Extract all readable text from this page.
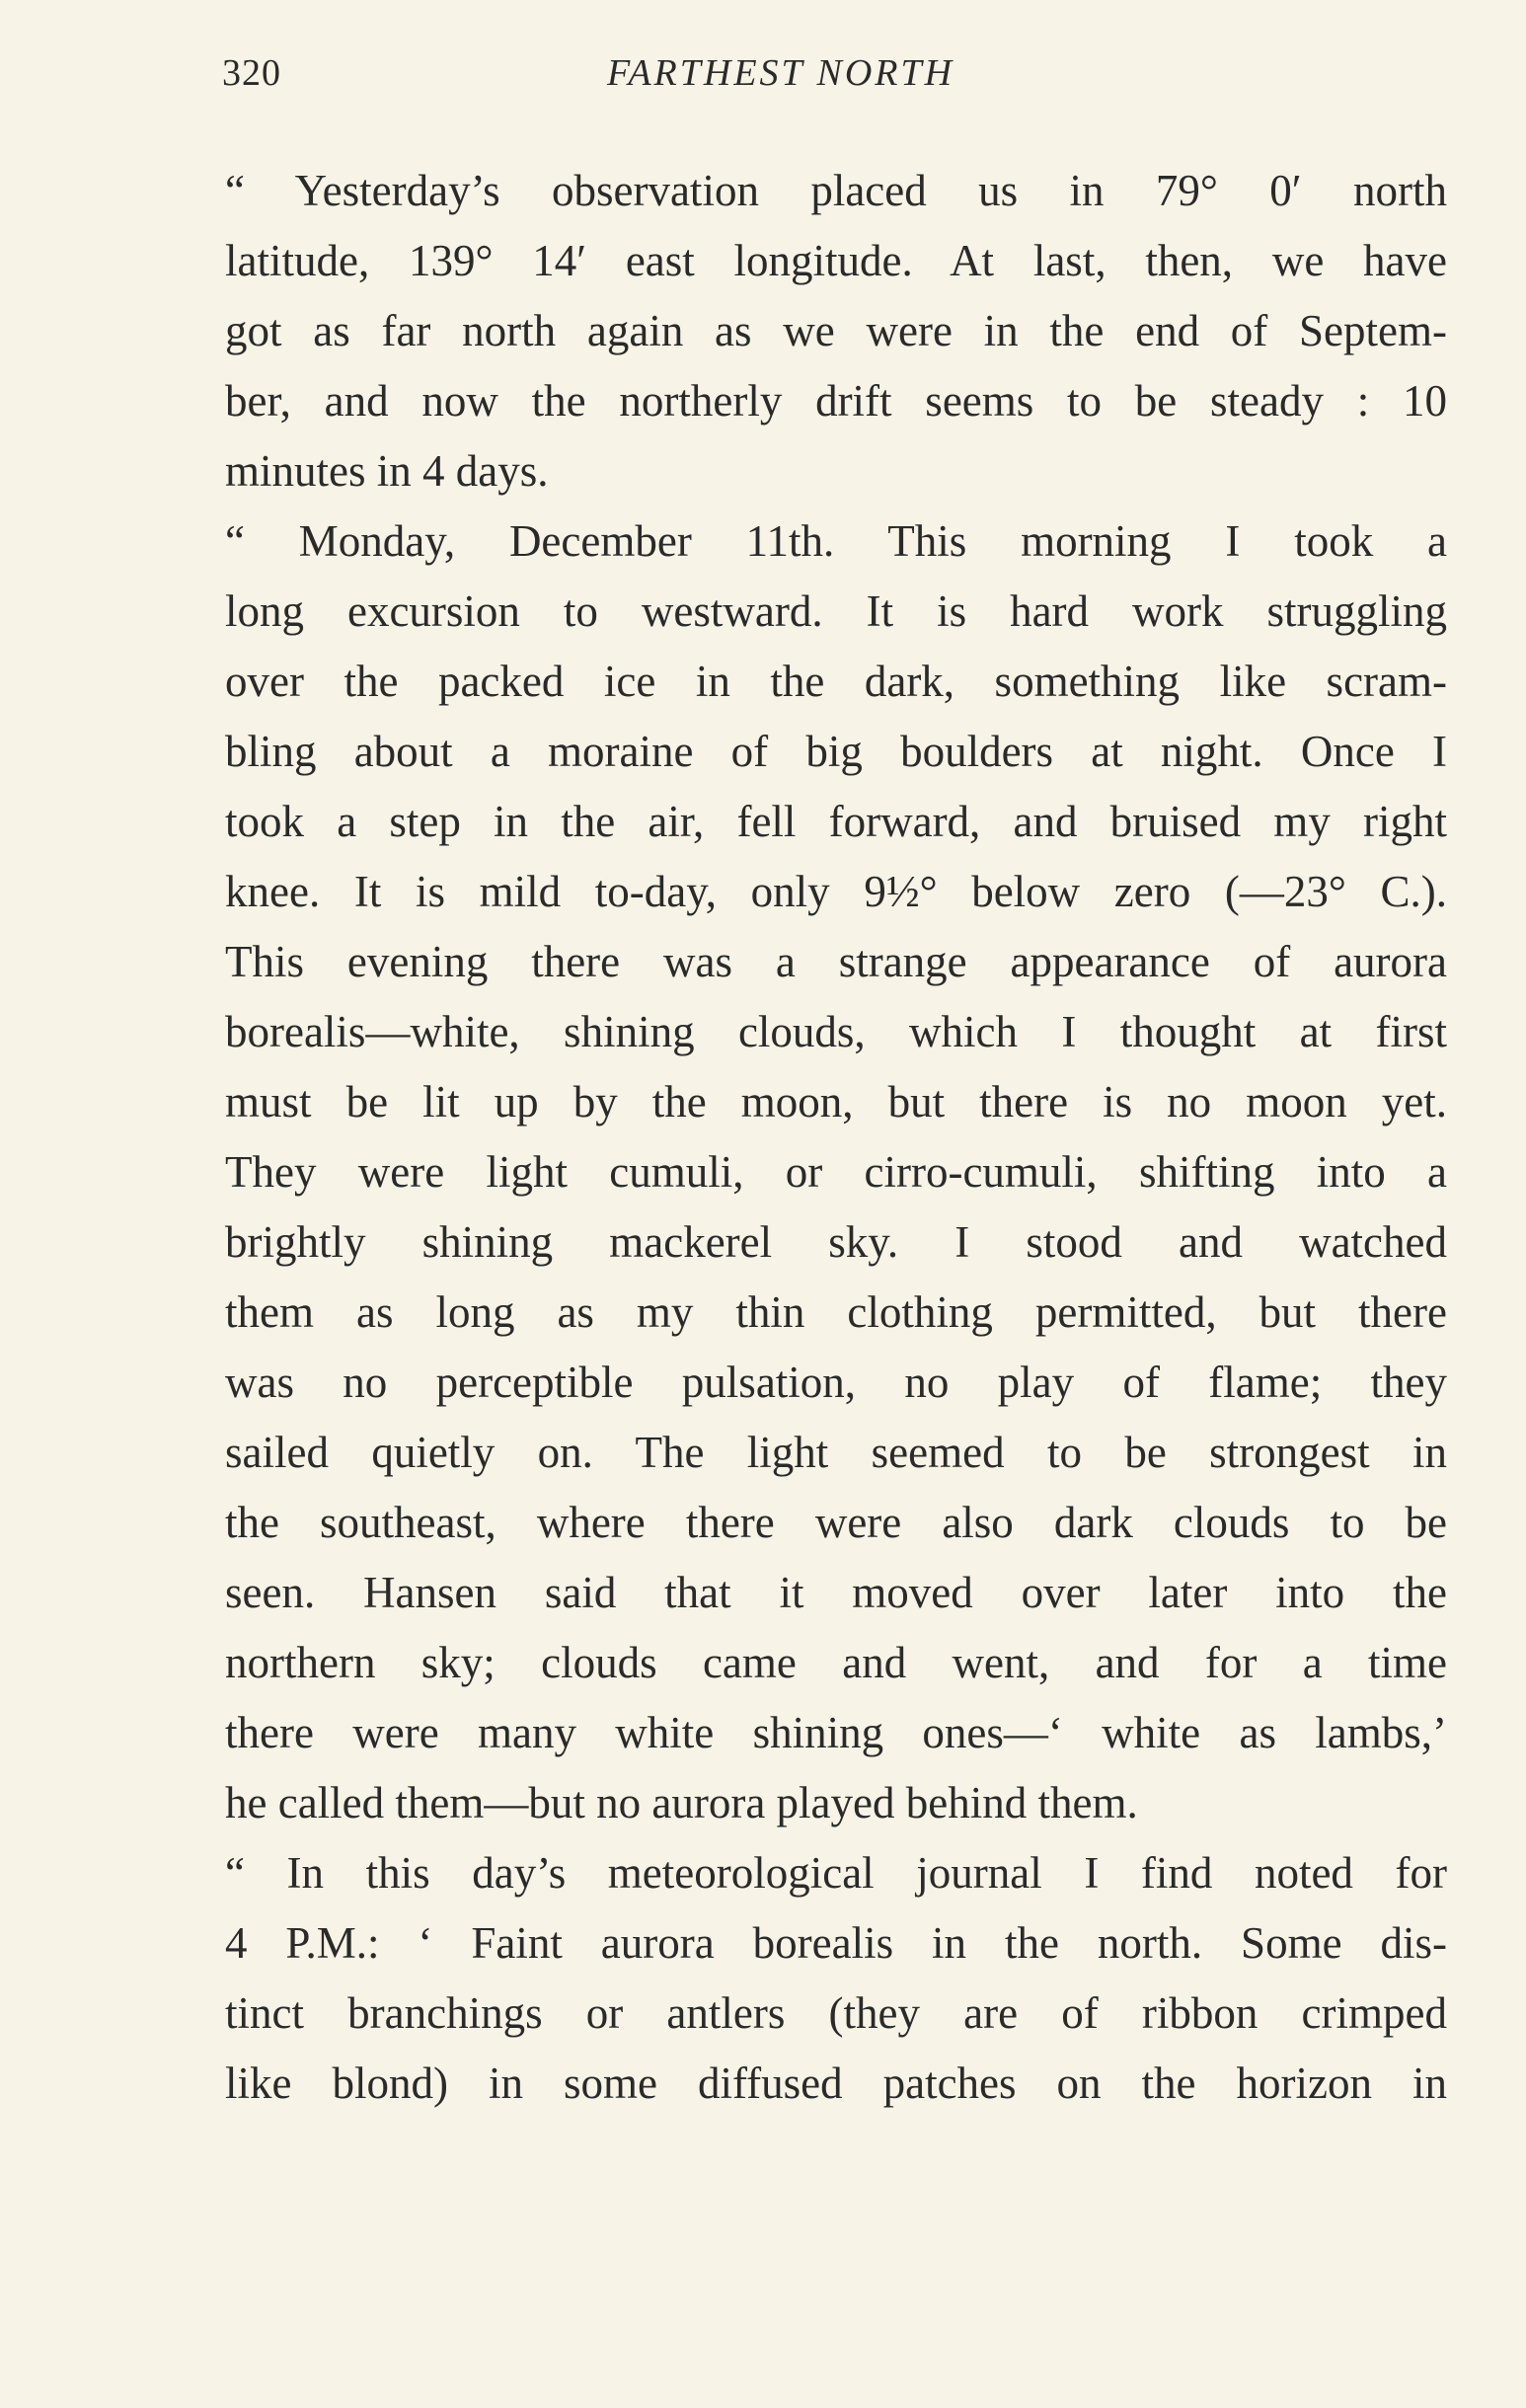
320	FARTHEST NORTH
“ Yesterday’s observation placed us in 79° 0′ north
latitude, 139° 14′ east longitude. At last, then, we have
got as far north again as we were in the end of Septem-
ber, and now the northerly drift seems to be steady : 10
minutes in 4 days.
“ Monday, December 11th. This morning I took a
long excursion to westward. It is hard work struggling
over the packed ice in the dark, something like scram-
bling about a moraine of big boulders at night. Once I
took a step in the air, fell forward, and bruised my right
knee. It is mild to-day, only 9½° below zero (—23° C.).
This evening there was a strange appearance of aurora
borealis—white, shining clouds, which I thought at first
must be lit up by the moon, but there is no moon yet.
They were light cumuli, or cirro-cumuli, shifting into a
brightly shining mackerel sky. I stood and watched
them as long as my thin clothing permitted, but there
was no perceptible pulsation, no play of flame; they
sailed quietly on. The light seemed to be strongest in
the southeast, where there were also dark clouds to be
seen. Hansen said that it moved over later into the
northern sky; clouds came and went, and for a time
there were many white shining ones—‘ white as lambs,’
he called them—but no aurora played behind them.
“ In this day’s meteorological journal I find noted for
4 P.M.: ‘ Faint aurora borealis in the north. Some dis-
tinct branchings or antlers (they are of ribbon crimped
like blond) in some diffused patches on the horizon in
